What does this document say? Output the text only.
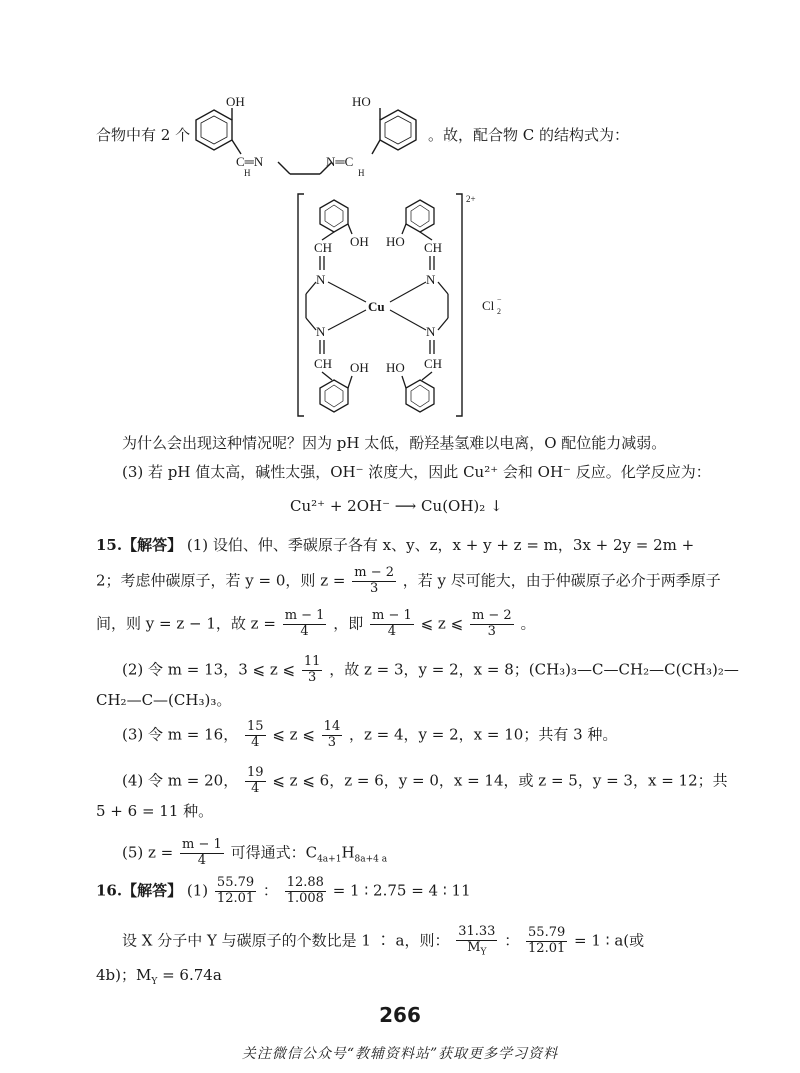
合物中有 2 个
OH
C═N
H
N═C
H
HO
。故，配合物 C 的结构式为：
2+
OH
CH
N
HO CH
N
Cu
N	N
CH	CH
OH HO
Cl 2
−
为什么会出现这种情况呢？因为 pH 太低，酚羟基氢难以电离，O 配位能力减弱。
(3) 若 pH 值太高，碱性太强，OH⁻ 浓度大，因此 Cu²⁺ 会和 OH⁻ 反应。化学反应为：
Cu²⁺ + 2OH⁻ ⟶ Cu(OH)₂ ↓
15.【解答】 (1) 设伯、仲、季碳原子各有 x、y、z，x + y + z = m，3x + 2y = 2m +
2；考虑仲碳原子，若 y = 0，则 $z = \frac{m - 2}{3}$ ，若 y 尽可能大，由于仲碳原子必介于两季原子
间，则 y = z − 1，故 $z = \frac{m - 1}{4}$ ，即 $\frac{m - 1}{4}$ ⩽ z ⩽ $\frac{m - 2}{3}$ 。
(2) 令 m = 13，3 ⩽ z ⩽ $\frac{11}{3}$ ，故 z = 3，y = 2，x = 8；(CH₃)₃—C—CH₂—C(CH₃)₂—
CH₂—C—(CH₃)₃。
(3) 令 m = 16， $\frac{15}{4}$ ⩽ z ⩽ $\frac{14}{3}$ ，z = 4，y = 2，x = 10；共有 3 种。
(4) 令 m = 20， $\frac{19}{4}$ ⩽ z ⩽ 6，z = 6，y = 0，x = 14，或 z = 5，y = 3，x = 12；共
5 + 6 = 11 种。
(5) $z = \frac{m - 1}{4}$ 可得通式：$C_{4a+1}H_{8a+4 a}$
16.【解答】 $(1) \frac{55.79}{12.01}$ ： $\frac{12.88}{1.008} = 1$ ∶ 2.75 = 4 ∶ 11
设 X 分子中 Y 与碳原子的个数比是 1 ∶ a，则： $\frac{31.33}{M_Y}$ ： $\frac{55.79}{12.01} = 1$ ∶ a(或
4b)；$M_Y = 6.74a$
266
关注微信公众号“教辅资料站”获取更多学习资料
